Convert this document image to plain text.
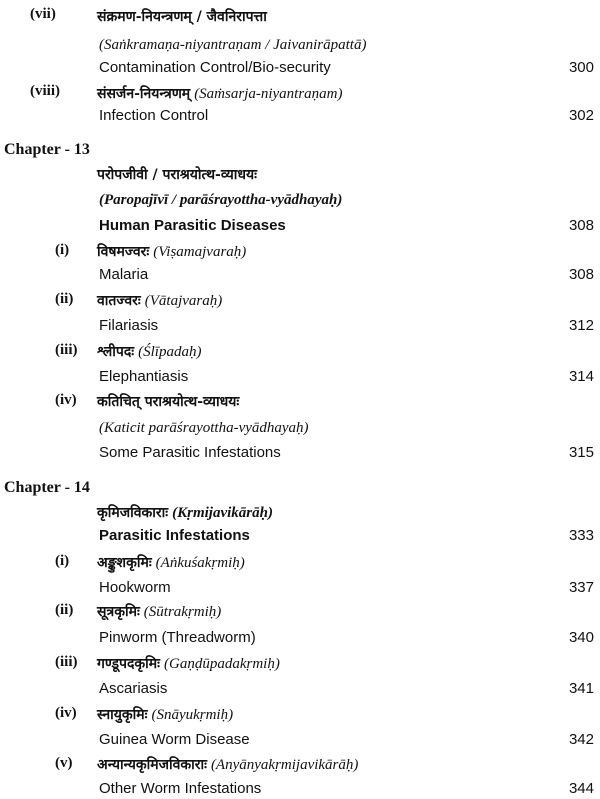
(vii)	संक्रमण-नियन्त्रणम् / जैवनिरापत्ता
(Saṅkramaṇa-niyantraṇam / Jaivanirāpattā)
Contamination Control/Bio-security	300
(viii)	संसर्जन-नियन्त्रणम् (Saṁsarja-niyantraṇam)
Infection Control	302
Chapter - 13
परोपजीवी / पराश्रयोत्थ-व्याधयः
(Paropajīvī / parāśrayottha-vyādhayaḥ)
Human Parasitic Diseases	308
(i) विषमज्वरः (Viṣamajvaraḥ)
Malaria	308
(ii) वातज्वरः (Vātajvaraḥ)
Filariasis	312
(iii) श्लीपदः (Ślīpadaḥ)
Elephantiasis	314
(iv) कतिचित् पराश्रयोत्थ-व्याधयः
(Katicit parāśrayottha-vyādhayaḥ)
Some Parasitic Infestations	315
Chapter - 14
कृमिजविकाराः (Kṛmijavikārāḥ)
Parasitic Infestations	333
(i) अङ्कुशकृमिः (Aṅkuśakṛmiḥ)
Hookworm	337
(ii) सूत्रकृमिः (Sūtrakṛmiḥ)
Pinworm (Threadworm)	340
(iii) गण्डूपदकृमिः (Gaṇḍūpadakṛmiḥ)
Ascariasis	341
(iv) स्नायुकृमिः (Snāyukṛmiḥ)
Guinea Worm Disease	342
(v) अन्यान्यकृमिजविकाराः (Anyānyakṛmijavikārāḥ)
Other Worm Infestations	344
